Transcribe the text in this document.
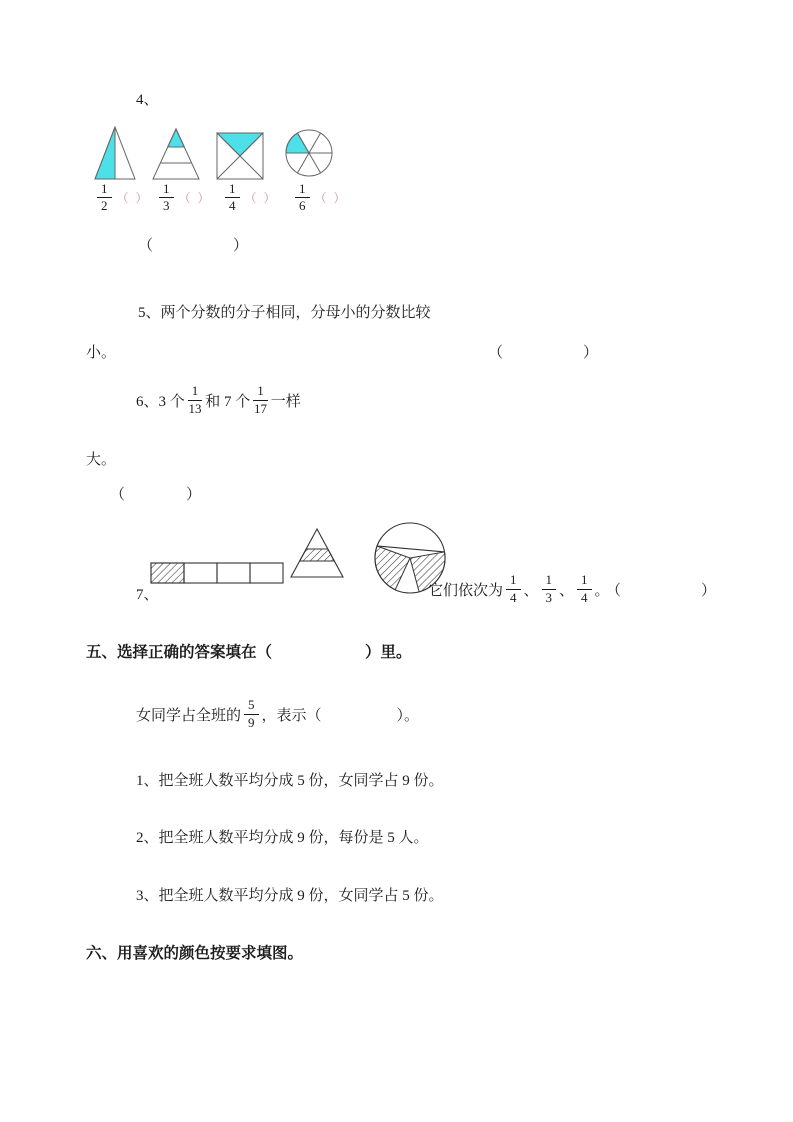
4、
$\frac{1}{2}$ （ ） $\frac{1}{3}$ （ ） $\frac{1}{4}$ （ ） $\frac{1}{6}$ （ ）
（　　　　）
5、两个分数的分子相同，分母小的分数比较
小。	（　　　　）
6、3 个 $\frac{1}{13}$ 和 7 个 $\frac{1}{17}$ 一样
大。
（　　　）
7、	它们依次为 $\frac{1}{4}$ 、 $\frac{1}{3}$ 、 $\frac{1}{4}$ 。（　　　　）
五、选择正确的答案填在（　　　　　　）里。
女同学占全班的 $\frac{5}{9}$ ，表示（　　　　　）。
1、把全班人数平均分成 5 份，女同学占 9 份。
2、把全班人数平均分成 9 份，每份是 5 人。
3、把全班人数平均分成 9 份，女同学占 5 份。
六、用喜欢的颜色按要求填图。
